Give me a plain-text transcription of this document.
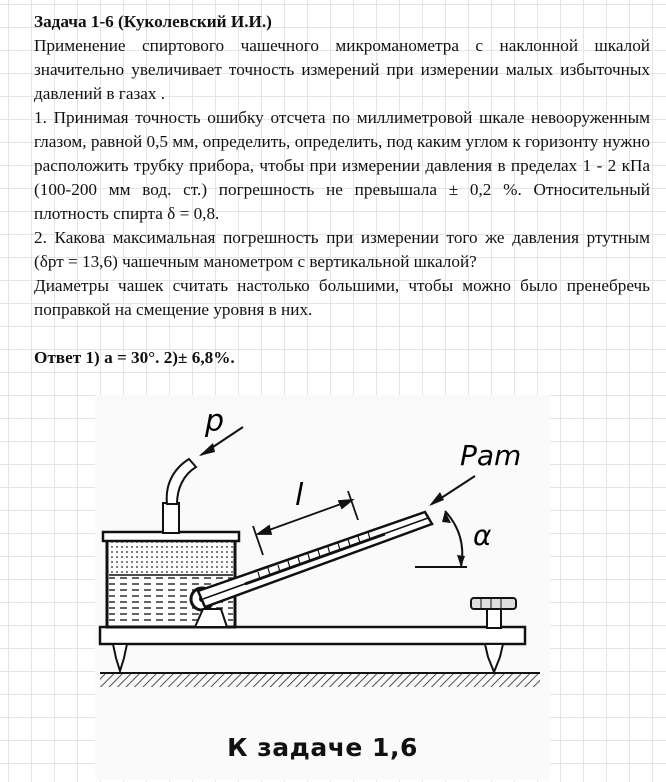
Задача 1-6 (Куколевский И.И.)

Применение спиртового чашечного микроманометра с наклонной шкалой значительно увеличивает точность измерений при измерении малых избыточных давлений в газах .

1. Принимая точность ошибку отсчета по миллиметровой шкале невооруженным глазом, равной 0,5 мм, определить, определить, под каким углом к горизонту нужно расположить трубку прибора, чтобы при измерении давления в пределах 1 - 2 кПа (100-200 мм вод. ст.) погрешность не превышала ± 0,2 %. Относительный плотность спирта δ = 0,8.

2. Какова максимальная погрешность при измерении того же давления ртутным (δрт = 13,6) чашечным манометром с вертикальной шкалой?

Диаметры чашек считать настолько большими, чтобы можно было пренебречь поправкой на смещение уровня в них.

Ответ 1) а = 30°. 2)± 6,8%.

p
l
Pam
α
К задаче 1,6
